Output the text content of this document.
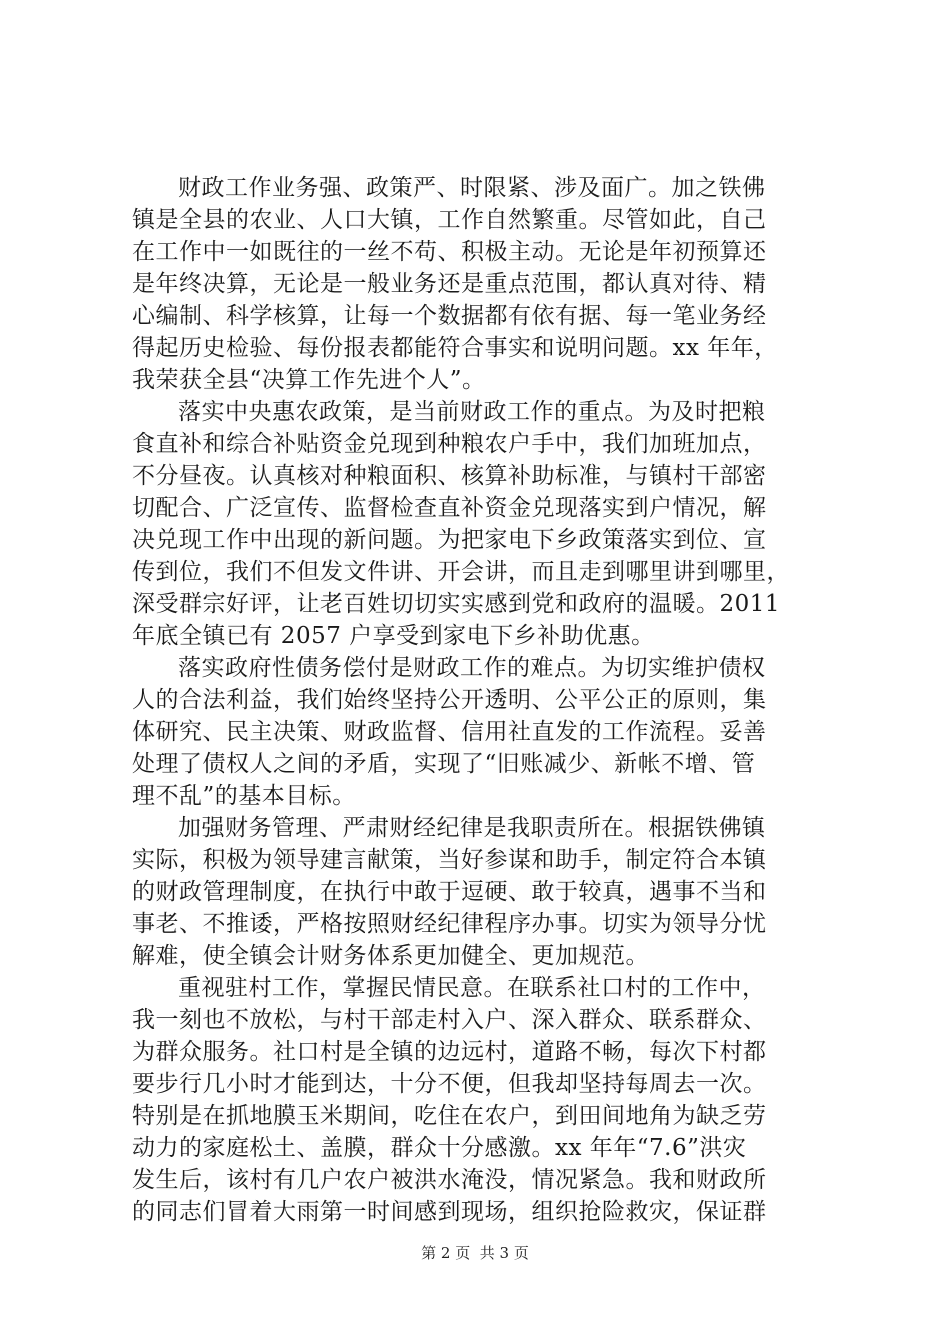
财政工作业务强、政策严、时限紧、涉及面广。加之铁佛
镇是全县的农业、人口大镇，工作自然繁重。尽管如此，自己
在工作中一如既往的一丝不苟、积极主动。无论是年初预算还
是年终决算，无论是一般业务还是重点范围，都认真对待、精
心编制、科学核算，让每一个数据都有依有据、每一笔业务经
得起历史检验、每份报表都能符合事实和说明问题。xx 年年，
我荣获全县“决算工作先进个人”。
落实中央惠农政策，是当前财政工作的重点。为及时把粮
食直补和综合补贴资金兑现到种粮农户手中，我们加班加点，
不分昼夜。认真核对种粮面积、核算补助标准，与镇村干部密
切配合、广泛宣传、监督检查直补资金兑现落实到户情况，解
决兑现工作中出现的新问题。为把家电下乡政策落实到位、宣
传到位，我们不但发文件讲、开会讲，而且走到哪里讲到哪里，
深受群宗好评，让老百姓切切实实感到党和政府的温暖。2011
年底全镇已有 2057 户享受到家电下乡补助优惠。
落实政府性债务偿付是财政工作的难点。为切实维护债权
人的合法利益，我们始终坚持公开透明、公平公正的原则，集
体研究、民主决策、财政监督、信用社直发的工作流程。妥善
处理了债权人之间的矛盾，实现了“旧账减少、新帐不增、管
理不乱”的基本目标。
加强财务管理、严肃财经纪律是我职责所在。根据铁佛镇
实际，积极为领导建言献策，当好参谋和助手，制定符合本镇
的财政管理制度，在执行中敢于逗硬、敢于较真，遇事不当和
事老、不推诿，严格按照财经纪律程序办事。切实为领导分忧
解难，使全镇会计财务体系更加健全、更加规范。
重视驻村工作，掌握民情民意。在联系社口村的工作中，
我一刻也不放松，与村干部走村入户、深入群众、联系群众、
为群众服务。社口村是全镇的边远村，道路不畅，每次下村都
要步行几小时才能到达，十分不便，但我却坚持每周去一次。
特别是在抓地膜玉米期间，吃住在农户，到田间地角为缺乏劳
动力的家庭松土、盖膜，群众十分感激。xx 年年“7.6”洪灾
发生后，该村有几户农户被洪水淹没，情况紧急。我和财政所
的同志们冒着大雨第一时间感到现场，组织抢险救灾，保证群
第 2 页  共 3 页
